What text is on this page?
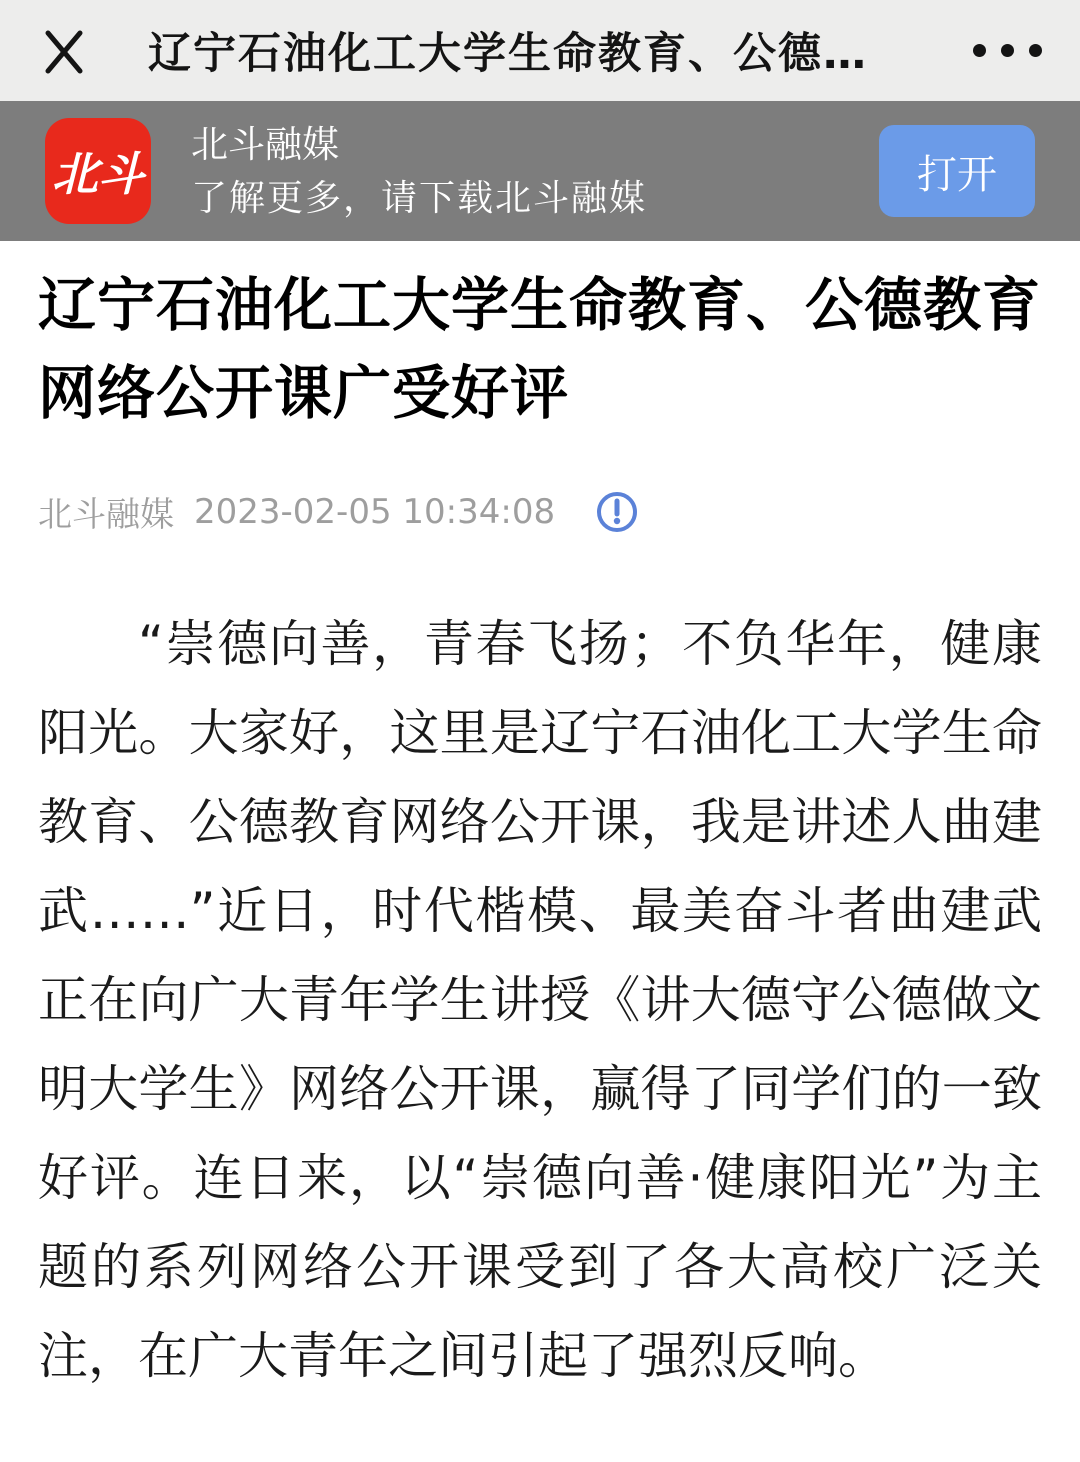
辽宁石油化工大学生命教育、公德…
北斗
北斗融媒
了解更多，请下载北斗融媒
打开
辽宁石油化工大学生命教育、公德教育网络公开课广受好评
北斗融媒 2023-02-05 10:34:08

“崇德向善，青春飞扬；不负华年，健康阳光。大家好，这里是辽宁石油化工大学生命教育、公德教育网络公开课，我是讲述人曲建武……”近日，时代楷模、最美奋斗者曲建武正在向广大青年学生讲授《讲大德守公德做文明大学生》网络公开课，赢得了同学们的一致好评。连日来，以“崇德向善·健康阳光”为主题的系列网络公开课受到了各大高校广泛关注，在广大青年之间引起了强烈反响。
